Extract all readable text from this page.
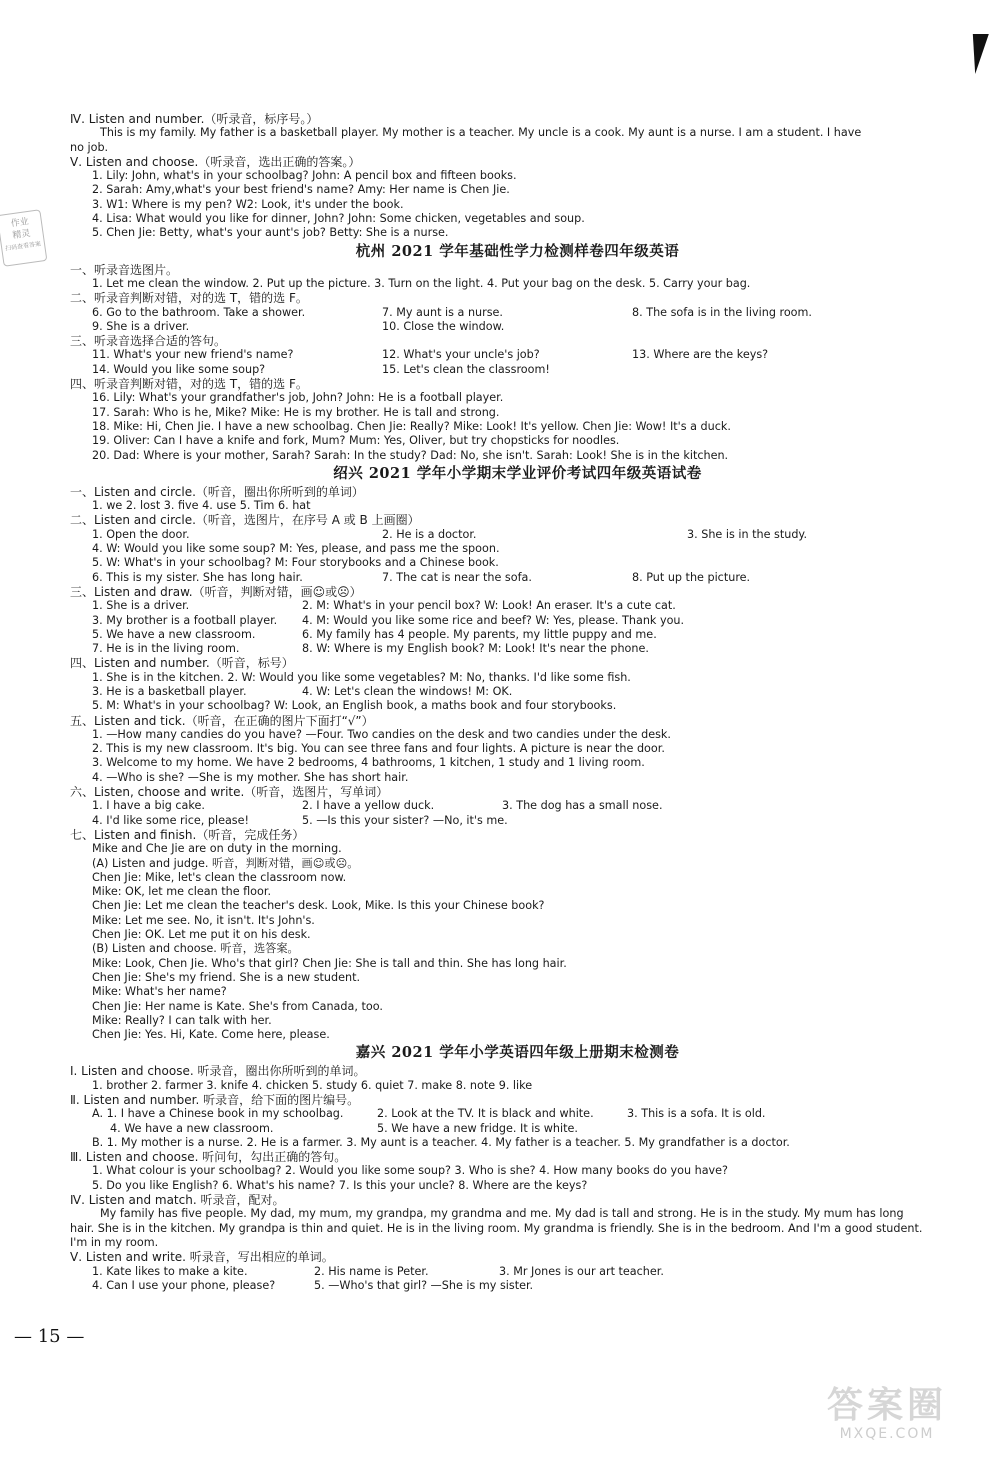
作业
精灵
扫码查看答案
Ⅳ. Listen and number.（听录音，标序号。）
This is my family. My father is a basketball player. My mother is a teacher. My uncle is a cook. My aunt is a nurse. I am a student. I have
no job.
Ⅴ. Listen and choose.（听录音，选出正确的答案。）
1. Lily: John, what's in your schoolbag? John: A pencil box and fifteen books.
2. Sarah: Amy,what's your best friend's name? Amy: Her name is Chen Jie.
3. W1: Where is my pen? W2: Look, it's under the book.
4. Lisa: What would you like for dinner, John? John: Some chicken, vegetables and soup.
5. Chen Jie: Betty, what's your aunt's job? Betty: She is a nurse.
杭州 2021 学年基础性学力检测样卷四年级英语
一、听录音选图片。
1. Let me clean the window. 2. Put up the picture. 3. Turn on the light. 4. Put your bag on the desk. 5. Carry your bag.
二、听录音判断对错，对的选 T，错的选 F。
6. Go to the bathroom. Take a shower.	7. My aunt is a nurse.	8. The sofa is in the living room.
9. She is a driver.	10. Close the window.
三、听录音选择合适的答句。
11. What's your new friend's name?	12. What's your uncle's job?	13. Where are the keys?
14. Would you like some soup?	15. Let's clean the classroom!
四、听录音判断对错，对的选 T，错的选 F。
16. Lily: What's your grandfather's job, John? John: He is a football player.
17. Sarah: Who is he, Mike? Mike: He is my brother. He is tall and strong.
18. Mike: Hi, Chen Jie. I have a new schoolbag. Chen Jie: Really? Mike: Look! It's yellow. Chen Jie: Wow! It's a duck.
19. Oliver: Can I have a knife and fork, Mum? Mum: Yes, Oliver, but try chopsticks for noodles.
20. Dad: Where is your mother, Sarah? Sarah: In the study? Dad: No, she isn't. Sarah: Look! She is in the kitchen.
绍兴 2021 学年小学期末学业评价考试四年级英语试卷
一、Listen and circle.（听音，圈出你所听到的单词）
1. we 2. lost 3. five 4. use 5. Tim 6. hat
二、Listen and circle.（听音，选图片，在序号 A 或 B 上画圈）
1. Open the door.	2. He is a doctor.	3. She is in the study.
4. W: Would you like some soup? M: Yes, please, and pass me the spoon.
5. W: What's in your schoolbag? M: Four storybooks and a Chinese book.
6. This is my sister. She has long hair.	7. The cat is near the sofa.	8. Put up the picture.
三、Listen and draw.（听音，判断对错，画☺或☹）
1. She is a driver.	2. M: What's in your pencil box? W: Look! An eraser. It's a cute cat.
3. My brother is a football player.	4. M: Would you like some rice and beef? W: Yes, please. Thank you.
5. We have a new classroom.	6. My family has 4 people. My parents, my little puppy and me.
7. He is in the living room.	8. W: Where is my English book? M: Look! It's near the phone.
四、Listen and number.（听音，标号）
1. She is in the kitchen. 2. W: Would you like some vegetables? M: No, thanks. I'd like some fish.
3. He is a basketball player.	4. W: Let's clean the windows! M: OK.
5. M: What's in your schoolbag? W: Look, an English book, a maths book and four storybooks.
五、Listen and tick.（听音，在正确的图片下面打“√”）
1. —How many candies do you have? —Four. Two candies on the desk and two candies under the desk.
2. This is my new classroom. It's big. You can see three fans and four lights. A picture is near the door.
3. Welcome to my home. We have 2 bedrooms, 4 bathrooms, 1 kitchen, 1 study and 1 living room.
4. —Who is she? —She is my mother. She has short hair.
六、Listen, choose and write.（听音，选图片，写单词）
1. I have a big cake.	2. I have a yellow duck.	3. The dog has a small nose.
4. I'd like some rice, please!	5. —Is this your sister? —No, it's me.
七、Listen and finish.（听音，完成任务）
Mike and Che Jie are on duty in the morning.
(A) Listen and judge. 听音，判断对错，画☺或☹。
Chen Jie: Mike, let's clean the classroom now.
Mike: OK, let me clean the floor.
Chen Jie: Let me clean the teacher's desk. Look, Mike. Is this your Chinese book?
Mike: Let me see. No, it isn't. It's John's.
Chen Jie: OK. Let me put it on his desk.
(B) Listen and choose. 听音，选答案。
Mike: Look, Chen Jie. Who's that girl? Chen Jie: She is tall and thin. She has long hair.
Chen Jie: She's my friend. She is a new student.
Mike: What's her name?
Chen Jie: Her name is Kate. She's from Canada, too.
Mike: Really? I can talk with her.
Chen Jie: Yes. Hi, Kate. Come here, please.
嘉兴 2021 学年小学英语四年级上册期末检测卷
Ⅰ. Listen and choose. 听录音，圈出你所听到的单词。
1. brother 2. farmer 3. knife 4. chicken 5. study 6. quiet 7. make 8. note 9. like
Ⅱ. Listen and number. 听录音，给下面的图片编号。
A. 1. I have a Chinese book in my schoolbag.	2. Look at the TV. It is black and white.	3. This is a sofa. It is old.
4. We have a new classroom.	5. We have a new fridge. It is white.
B. 1. My mother is a nurse. 2. He is a farmer. 3. My aunt is a teacher. 4. My father is a teacher. 5. My grandfather is a doctor.
Ⅲ. Listen and choose. 听问句，勾出正确的答句。
1. What colour is your schoolbag? 2. Would you like some soup? 3. Who is she? 4. How many books do you have?
5. Do you like English? 6. What's his name? 7. Is this your uncle? 8. Where are the keys?
Ⅳ. Listen and match. 听录音，配对。
My family has five people. My dad, my mum, my grandpa, my grandma and me. My dad is tall and strong. He is in the study. My mum has long hair. She is in the kitchen. My grandpa is thin and quiet. He is in the living room. My grandma is friendly. She is in the bedroom. And I'm a good student. I'm in my room.
Ⅴ. Listen and write. 听录音，写出相应的单词。
1. Kate likes to make a kite.	2. His name is Peter.	3. Mr Jones is our art teacher.
4. Can I use your phone, please?	5. —Who's that girl? —She is my sister.
— 15 —
答案圈
MXQE.COM
